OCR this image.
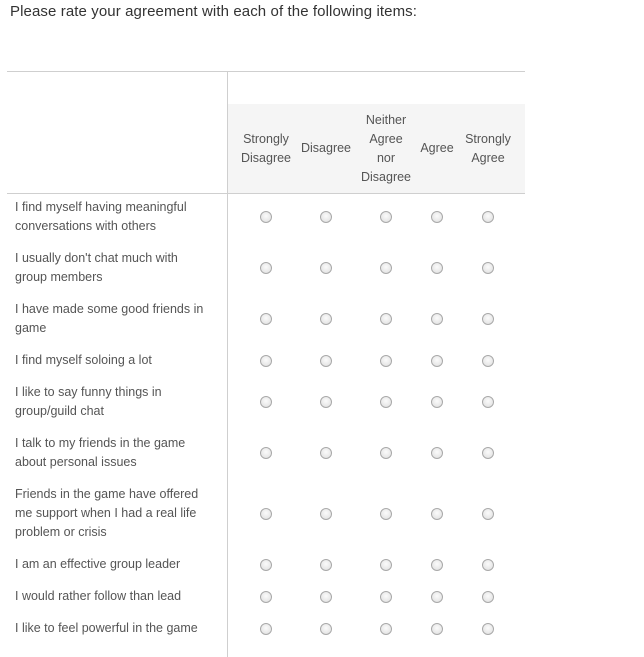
Please rate your agreement with each of the following items:
Strongly
Disagree
Disagree
Neither
Agree
nor
Disagree
Agree
Strongly
Agree
I find myself having meaningful
conversations with others
I usually don't chat much with
group members
I have made some good friends in
game
I find myself soloing a lot
I like to say funny things in
group/guild chat
I talk to my friends in the game
about personal issues
Friends in the game have offered
me support when I had a real life
problem or crisis
I am an effective group leader
I would rather follow than lead
I like to feel powerful in the game
